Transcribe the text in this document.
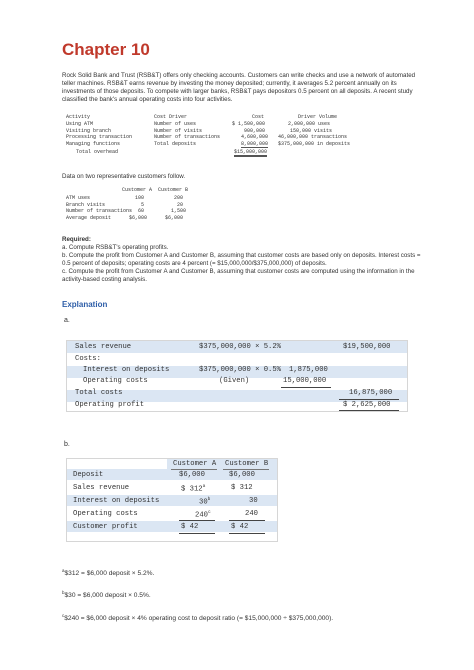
Chapter 10
Rock Solid Bank and Trust (RSB&T) offers only checking accounts. Customers can write checks and use a network of automated teller machines. RSB&T earns revenue by investing the money deposited; currently, it averages 5.2 percent annually on its investments of those deposits. To compete with larger banks, RSB&T pays depositors 0.5 percent on all deposits. A recent study classified the bank's annual operating costs into four activities.
Activity	Cost Driver	Cost	Driver Volume
Using ATM	Number of uses	$ 1,500,000	2,000,000 uses
Visiting branch	Number of visits	900,000	150,000 visits
Processing transaction	Number of transactions	4,600,000 46,000,000 transactions
Managing functions	Total deposits	8,000,000 $375,000,000 in deposits
Total overhead	$15,000,000
Data on two representative customers follow.
Customer A Customer B
ATM uses	100	200
Branch visits	5	20
Number of transactions 60	1,500
Average deposit	$6,000	$6,000
Required:
a. Compute RSB&T's operating profits.
b. Compute the profit from Customer A and Customer B, assuming that customer costs are based only on deposits. Interest costs = 0.5 percent of deposits; operating costs are 4 percent (= $15,000,000/$375,000,000) of deposits.
c. Compute the profit from Customer A and Customer B, assuming that customer costs are computed using the information in the activity-based costing analysis.
Explanation
a.
Sales revenue	$375,000,000 × 5.2%	$19,500,000
Costs:
Interest on deposits	$375,000,000 × 0.5% 1,875,000
Operating costs	(Given)	15,000,000
Total costs	16,875,000
Operating profit	$ 2,625,000
b.
Customer A Customer B
Deposit	$6,000	$6,000
Sales revenue	$ 312$^a$	$ 312
Interest on deposits	30$^b$	30
Operating costs	240$^c$	240
Customer profit	$ 42	$ 42
$^a$\$312 = $6,000 deposit × 5.2%.
$^b$\$30 = $6,000 deposit × 0.5%.
$^c$\$240 = $6,000 deposit × 4% operating cost to deposit ratio (= $15,000,000 ÷ $375,000,000).
